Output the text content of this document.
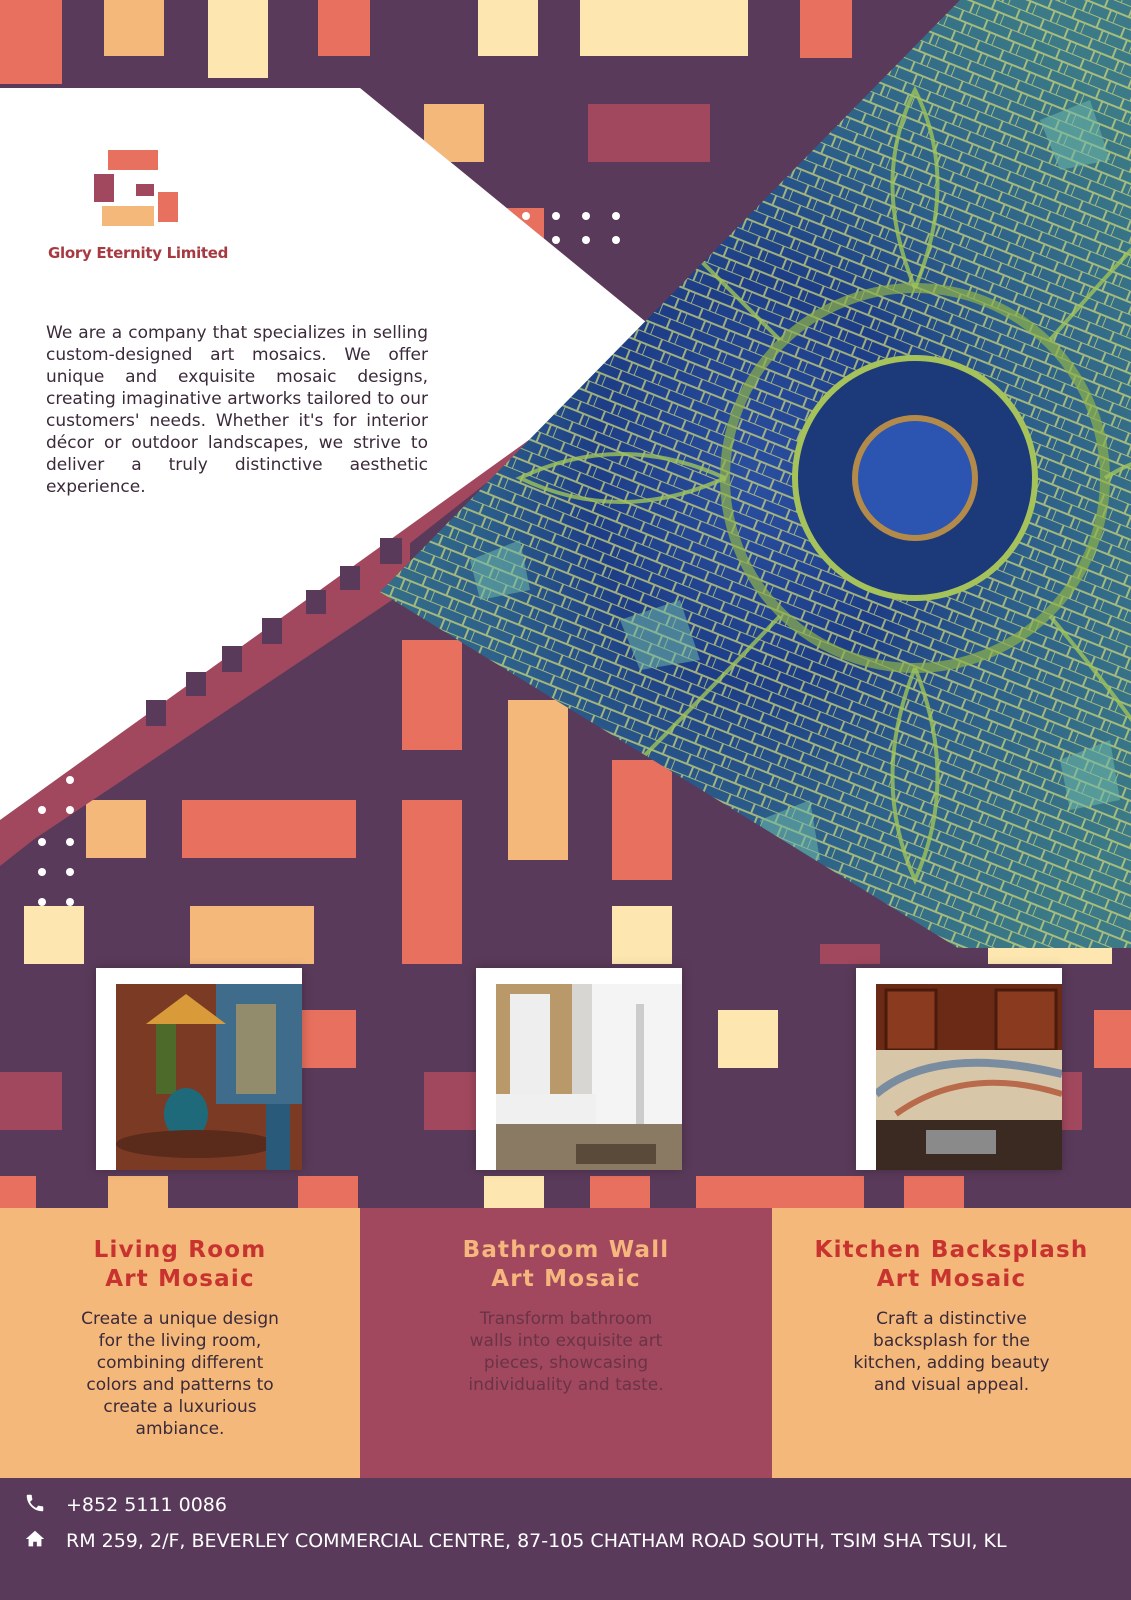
Glory Eternity Limited
We are a company that specializes in selling custom-designed art mosaics. We offer unique and exquisite mosaic designs, creating imaginative artworks tailored to our customers' needs. Whether it's for interior décor or outdoor landscapes, we strive to deliver a truly distinctive aesthetic experience.
Living Room
Art Mosaic
Create a unique design for the living room, combining different colors and patterns to create a luxurious ambiance.
Bathroom Wall
Art Mosaic
Transform bathroom walls into exquisite art pieces, showcasing individuality and taste.
Kitchen Backsplash
Art Mosaic
Craft a distinctive backsplash for the kitchen, adding beauty and visual appeal.
+852 5111 0086
RM 259, 2/F, BEVERLEY COMMERCIAL CENTRE, 87-105 CHATHAM ROAD SOUTH, TSIM SHA TSUI, KL
